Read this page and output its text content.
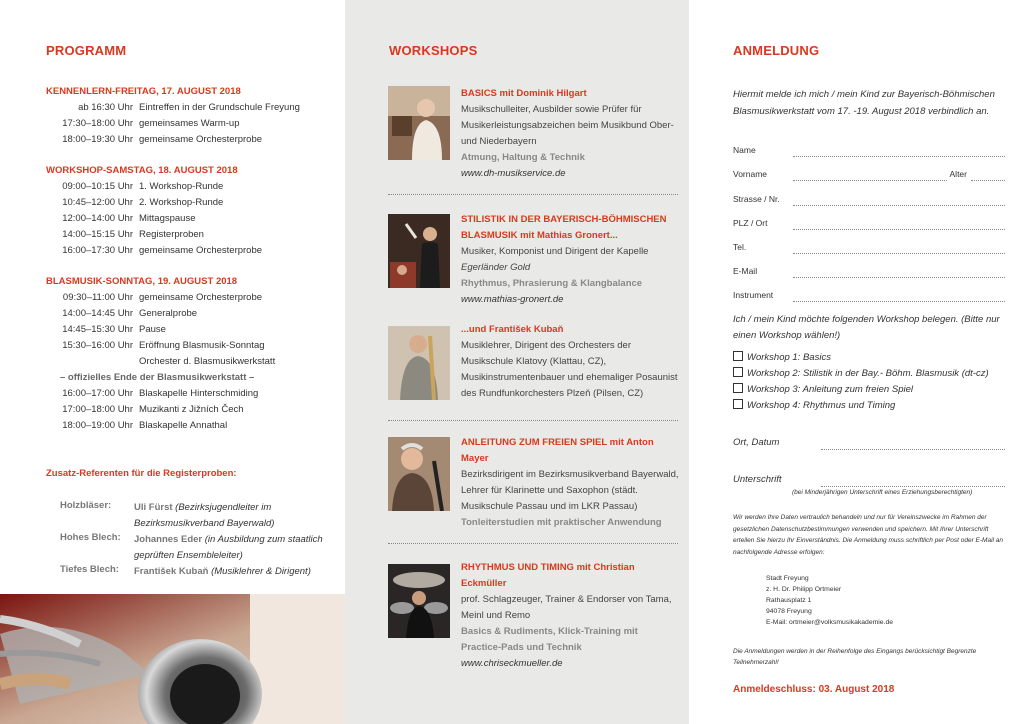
PROGRAMM
KENNENLERN-FREITAG, 17. AUGUST 2018
ab 16:30 Uhr Eintreffen in der Grundschule Freyung
17:30–18:00 Uhr gemeinsames Warm-up
18:00–19:30 Uhr gemeinsame Orchesterprobe
WORKSHOP-SAMSTAG, 18. AUGUST 2018
09:00–10:15 Uhr 1. Workshop-Runde
10:45–12:00 Uhr 2. Workshop-Runde
12:00–14:00 Uhr Mittagspause
14:00–15:15 Uhr Registerproben
16:00–17:30 Uhr gemeinsame Orchesterprobe
BLASMUSIK-SONNTAG, 19. AUGUST 2018
09:30–11:00 Uhr gemeinsame Orchesterprobe
14:00–14:45 Uhr Generalprobe
14:45–15:30 Uhr Pause
15:30–16:00 Uhr Eröffnung Blasmusik-Sonntag
Orchester d. Blasmusikwerkstatt
– offizielles Ende der Blasmusikwerkstatt –
16:00–17:00 Uhr Blaskapelle Hinterschmiding
17:00–18:00 Uhr Muzikanti z Jižních Čech
18:00–19:00 Uhr Blaskapelle Annathal
Zusatz-Referenten für die Registerproben:
Holzbläser: Uli Fürst (Bezirksjugendleiter im Bezirksmusikverband Bayerwald)
Hohes Blech: Johannes Eder (in Ausbildung zum staatlich geprüften Ensembleleiter)
Tiefes Blech: František Kubaň (Musiklehrer & Dirigent)
WORKSHOPS
BASICS mit Dominik Hilgart
Musikschulleiter, Ausbilder sowie Prüfer für Musikerleistungsabzeichen beim Musikbund Ober- und Niederbayern
Atmung, Haltung & Technik
www.dh-musikservice.de
STILISTIK IN DER BAYERISCH-BÖHMISCHEN BLASMUSIK mit Mathias Gronert...
Musiker, Komponist und Dirigent der Kapelle
Egerländer Gold
Rhythmus, Phrasierung & Klangbalance
www.mathias-gronert.de
...und František Kubaň
Musiklehrer, Dirigent des Orchesters der Musikschule Klatovy (Klattau, CZ), Musikinstrumentenbauer und ehemaliger Posaunist des Rundfunkorchesters Plzeň (Pilsen, CZ)
ANLEITUNG ZUM FREIEN SPIEL mit Anton Mayer
Bezirksdirigent im Bezirksmusikverband Bayerwald, Lehrer für Klarinette und Saxophon (städt. Musikschule Passau und im LKR Passau)
Tonleiterstudien mit praktischer Anwendung
RHYTHMUS UND TIMING mit Christian Eckmüller
prof. Schlagzeuger, Trainer & Endorser von Tama, Meinl und Remo
Basics & Rudiments, Klick-Training mit Practice-Pads und Technik
www.chriseckmueller.de
ANMELDUNG
Hiermit melde ich mich / mein Kind zur Bayerisch-Böhmischen Blasmusikwerkstatt vom 17. -19. August 2018 verbindlich an.
Name
Vorname	Alter
Strasse / Nr.
PLZ / Ort
Tel.
E-Mail
Instrument
Ich / mein Kind möchte folgenden Workshop belegen. (Bitte nur einen Workshop wählen!)
Workshop 1: Basics
Workshop 2: Stilistik in der Bay.- Böhm. Blasmusik (dt-cz)
Workshop 3: Anleitung zum freien Spiel
Workshop 4: Rhythmus und Timing
Ort, Datum
Unterschrift
(bei Minderjährigen Unterschrift eines Erziehungsberechtigten)
Wir werden Ihre Daten vertraulich behandeln und nur für Vereinszwecke im Rahmen der gesetzlichen Datenschutzbestimmungen verwenden und speichern. Mit Ihrer Unterschrift erteilen Sie hierzu Ihr Einverständnis. Die Anmeldung muss schriftlich per Post oder E-Mail an nachfolgende Adresse erfolgen:
Stadt Freyung
z. H. Dr. Philipp Ortmeier
Rathausplatz 1
94078 Freyung
E-Mail: ortmeier@volksmusikakademie.de
Die Anmeldungen werden in der Reihenfolge des Eingangs berücksichtigt Begrenzte Teilnehmerzahl!
Anmeldeschluss: 03. August 2018
